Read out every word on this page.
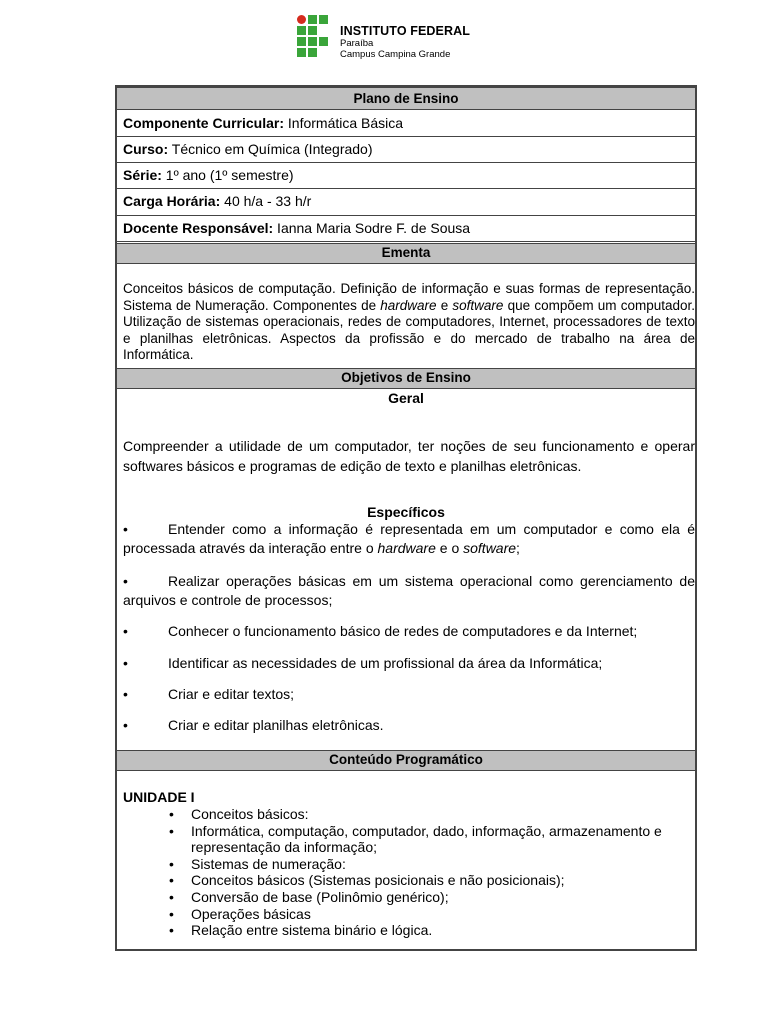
INSTITUTO FEDERAL
Paraíba
Campus Campina Grande
Plano de Ensino
Componente Curricular: Informática Básica
Curso: Técnico em Química (Integrado)
Série: 1º ano (1º semestre)
Carga Horária: 40 h/a - 33 h/r
Docente Responsável: Ianna Maria Sodre F. de Sousa
Ementa
Conceitos básicos de computação. Definição de informação e suas formas de representação. Sistema de Numeração. Componentes de hardware e software que compõem um computador. Utilização de sistemas operacionais, redes de computadores, Internet, processadores de texto e planilhas eletrônicas. Aspectos da profissão e do mercado de trabalho na área de Informática.
Objetivos de Ensino
Geral
Compreender a utilidade de um computador, ter noções de seu funcionamento e operar softwares básicos e programas de edição de texto e planilhas eletrônicas.
Específicos
•	Entender como a informação é representada em um computador e como ela é processada através da interação entre o hardware e o software;
•	Realizar operações básicas em um sistema operacional como gerenciamento de arquivos e controle de processos;
•	Conhecer o funcionamento básico de redes de computadores e da Internet;
•	Identificar as necessidades de um profissional da área da Informática;
•	Criar e editar textos;
•	Criar e editar planilhas eletrônicas.
Conteúdo Programático
UNIDADE I
• Conceitos básicos:
• Informática, computação, computador, dado, informação, armazenamento e representação da informação;
• Sistemas de numeração:
• Conceitos básicos (Sistemas posicionais e não posicionais);
• Conversão de base (Polinômio genérico);
• Operações básicas
• Relação entre sistema binário e lógica.
